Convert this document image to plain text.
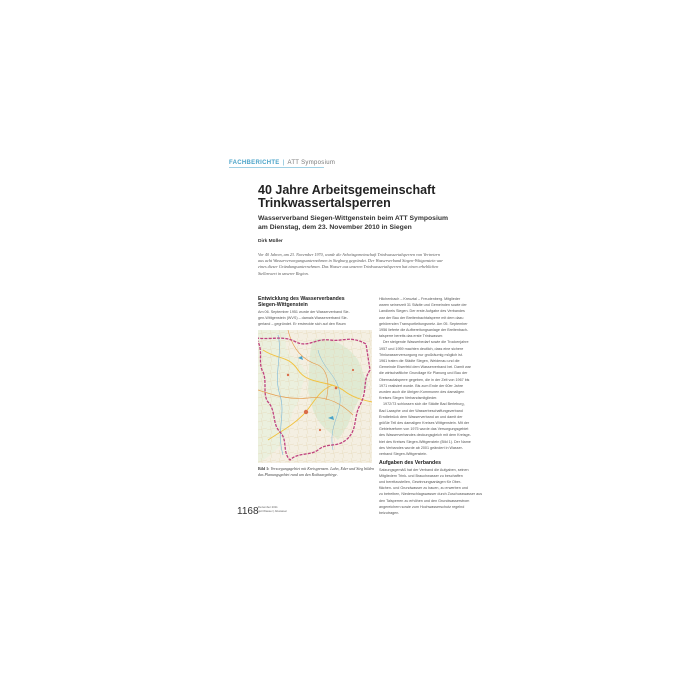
FACHBERICHTE | ATT Symposium
40 Jahre Arbeitsgemeinschaft
Trinkwassertalsperren
Wasserverband Siegen-Wittgenstein beim ATT Symposium
am Dienstag, dem 23. November 2010 in Siegen
Dirk Müller
Vor 40 Jahren, am 23. November 1970, wurde die Arbeitsgemeinschaft Trinkwassertalsperren von Vertretern
aus acht Wasserversorgungsunternehmen in Siegburg gegründet. Der Wasserverband Siegen-Wittgenstein war
eines dieser Gründungsunternehmen. Das Wasser aus unseren Trinkwassertalsperren hat einen erheblichen
Stellenwert in unserer Region.
Entwicklung des Wasserverbandes
Siegen-Wittgenstein

Am 06. September 1951 wurde der Wasserverband Sie-
gen-Wittgenstein (WVS) – damals Wasserverband Sie-
gerland – gegründet. Er erstreckte sich auf den Raum

Bild 1: Versorgungsgebiet mit Kreisgrenzen. Lahn, Eder und Sieg bilden
das Planungsgebiet rund um den Rothaargebirge.

Hilchenbach – Kreuztal – Freudenberg. Mitglieder
waren seinerzeit 31 Städte und Gemeinden sowie der
Landkreis Siegen. Der erste Aufgabe des Verbandes
war der Bau der Breitenbachtalsperre mit dem dazu
gehörenden Transportleitungsnetz. Am 05. September
1956 lieferte die Aufbereitungsanlage der Breitenbach-
talsperre bereits das erste Trinkwasser.

Der steigende Wasserbedarf sowie die Trockenjahre
1957 und 1959 machten deutlich, dass eine sichere
Trinkwasserversorgung nur großräumig möglich ist.
1961 traten die Städte Siegen, Weidenau und die
Gemeinde Eiserfeld dem Wasserverband bei. Damit war
die wirtschaftliche Grundlage für Planung und Bau der
Obernautalsperre gegeben, die in der Zeit von 1967 bis
1971 realisiert wurde. Bis zum Ende der 60er Jahre
wurden auch die übrigen Kommunen des damaligen
Kreises Siegen Verbandsmitglieder.

1972/73 schlossen sich die Städte Bad Berleburg,
Bad Laasphe und der Wasserbeschaffungsverband
Erndtebrück dem Wasserverband an und damit der
größte Teil des damaligen Kreises Wittgenstein. Mit der
Gebietsreform von 1975 wurde das Versorgungsgebiet
des Wasserverbandes deckungsgleich mit dem Kreisge-
biet des Kreises Siegen-Wittgenstein (Bild 1). Der Name
des Verbandes wurde ab 2001 geändert in Wasser-
verband Siegen-Wittgenstein.

Aufgaben des Verbandes

Satzungsgemäß hat der Verband die Aufgaben, seinen
Mitgliedern Trink- und Brauchwasser zu beschaffen
und bereitzustellen, Gewinnungsanlagen für Ober-
flächen- und Grundwasser zu bauen, zu erwerben und
zu betreiben, Niederschlagswasser durch Zuschusswasser aus
den Talsperren zu erhöhen und den Grundwasserstrom
angereichern sowie zum Hochwasserschutz regelnd
beizutragen.

1168 Dezember 2011
gwf-Wasser | Abwasser
